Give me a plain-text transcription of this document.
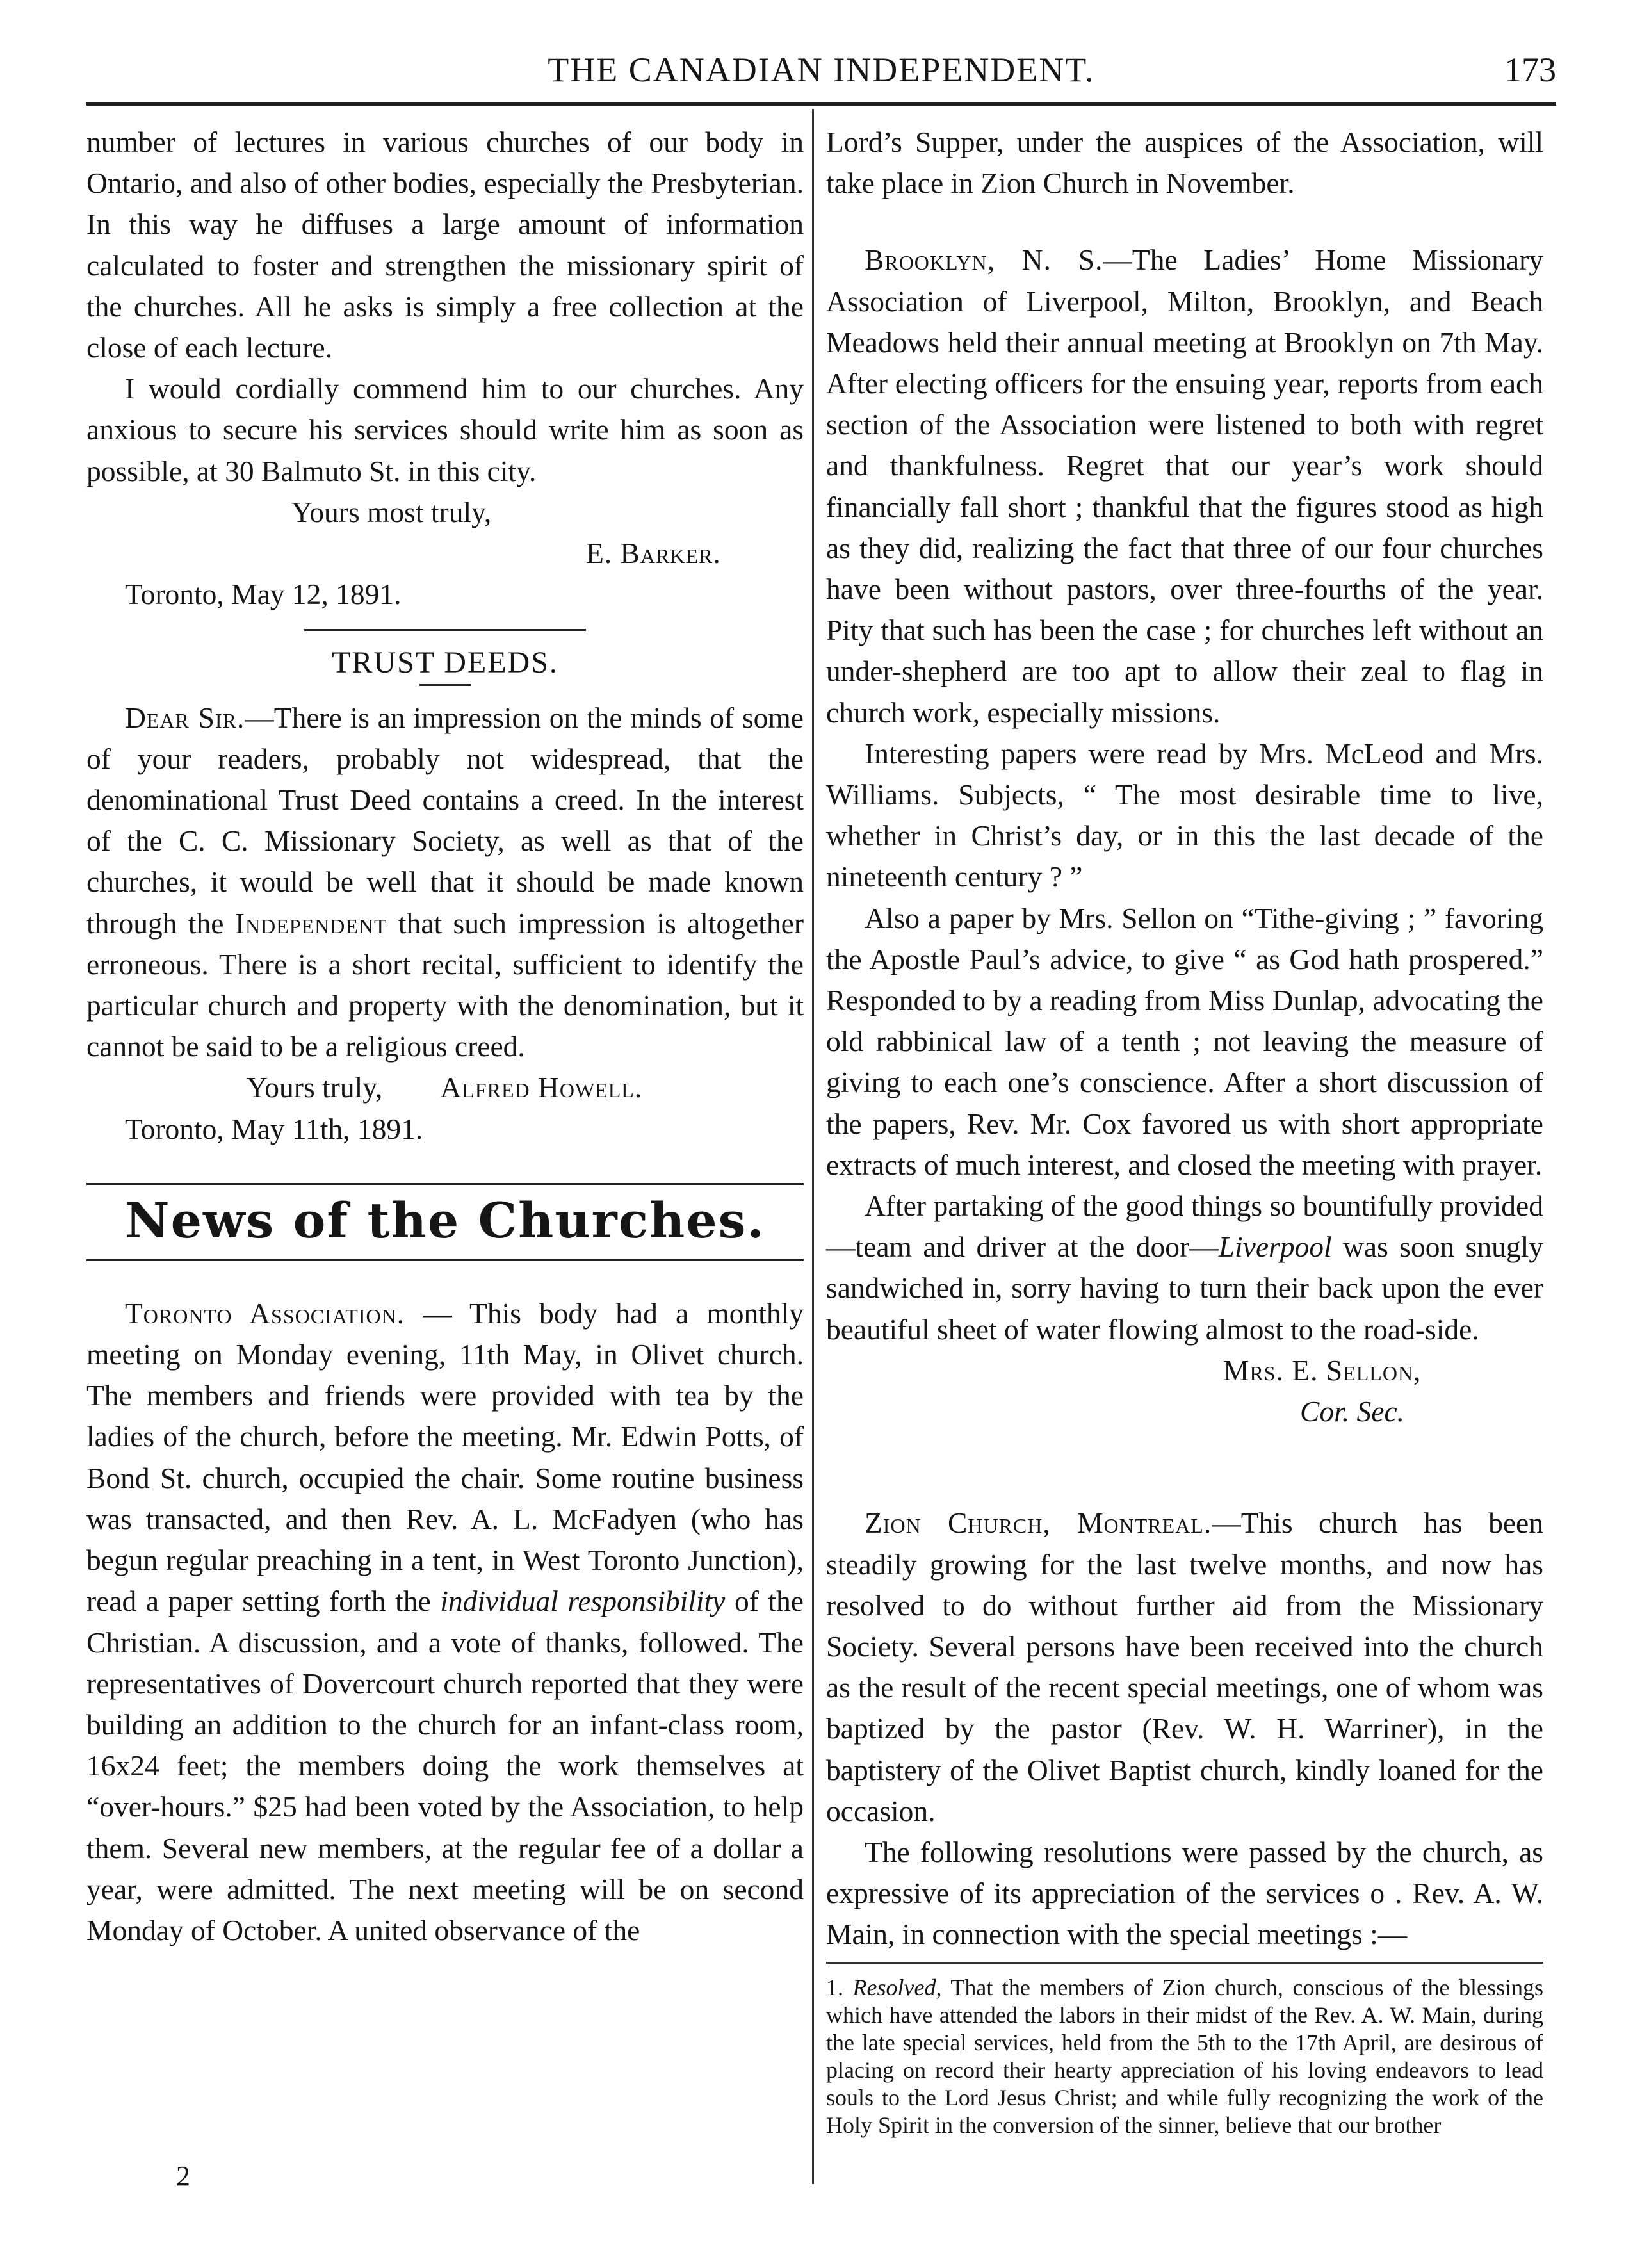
THE CANADIAN INDEPENDENT.	173

number of lectures in various churches of our body in Ontario, and also of other bodies, especially the Presbyterian. In this way he diffuses a large amount of information calculated to foster and strengthen the missionary spirit of the churches. All he asks is simply a free collection at the close of each lecture.

I would cordially commend him to our churches. Any anxious to secure his services should write him as soon as possible, at 30 Balmuto St. in this city.

Yours most truly,

E. Barker.

Toronto, May 12, 1891.

TRUST DEEDS.

Dear Sir.—There is an impression on the minds of some of your readers, probably not widespread, that the denominational Trust Deed contains a creed. In the interest of the C. C. Missionary Society, as well as that of the churches, it would be well that it should be made known through the Independent that such impression is altogether erroneous. There is a short recital, sufficient to identify the particular church and property with the denomination, but it cannot be said to be a religious creed.

Yours truly, Alfred Howell.

Toronto, May 11th, 1891.

News of the Churches.

Toronto Association. — This body had a monthly meeting on Monday evening, 11th May, in Olivet church. The members and friends were provided with tea by the ladies of the church, before the meeting. Mr. Edwin Potts, of Bond St. church, occupied the chair. Some routine business was transacted, and then Rev. A. L. McFadyen (who has begun regular preaching in a tent, in West Toronto Junction), read a paper setting forth the individual responsibility of the Christian. A discussion, and a vote of thanks, followed. The representatives of Dovercourt church reported that they were building an addition to the church for an infant-class room, 16x24 feet; the members doing the work themselves at “over-hours.” $25 had been voted by the Association, to help them. Several new members, at the regular fee of a dollar a year, were admitted. The next meeting will be on second Monday of October. A united observance of the

2

Lord’s Supper, under the auspices of the Association, will take place in Zion Church in November.

Brooklyn, N. S.—The Ladies’ Home Missionary Association of Liverpool, Milton, Brooklyn, and Beach Meadows held their annual meeting at Brooklyn on 7th May. After electing officers for the ensuing year, reports from each section of the Association were listened to both with regret and thankfulness. Regret that our year’s work should financially fall short ; thankful that the figures stood as high as they did, realizing the fact that three of our four churches have been without pastors, over three-fourths of the year. Pity that such has been the case ; for churches left without an under-shepherd are too apt to allow their zeal to flag in church work, especially missions.

Interesting papers were read by Mrs. McLeod and Mrs. Williams. Subjects, “ The most desirable time to live, whether in Christ’s day, or in this the last decade of the nineteenth century ? ”

Also a paper by Mrs. Sellon on “Tithe-giving ; ” favoring the Apostle Paul’s advice, to give “ as God hath prospered.” Responded to by a reading from Miss Dunlap, advocating the old rabbinical law of a tenth ; not leaving the measure of giving to each one’s conscience. After a short discussion of the papers, Rev. Mr. Cox favored us with short appropriate extracts of much interest, and closed the meeting with prayer.

After partaking of the good things so bountifully provided—team and driver at the door—Liverpool was soon snugly sandwiched in, sorry having to turn their back upon the ever beautiful sheet of water flowing almost to the road-side.

Mrs. E. Sellon,

Cor. Sec.

Zion Church, Montreal.—This church has been steadily growing for the last twelve months, and now has resolved to do without further aid from the Missionary Society. Several persons have been received into the church as the result of the recent special meetings, one of whom was baptized by the pastor (Rev. W. H. Warriner), in the baptistery of the Olivet Baptist church, kindly loaned for the occasion.

The following resolutions were passed by the church, as expressive of its appreciation of the services o . Rev. A. W. Main, in connection with the special meetings :—

1. Resolved, That the members of Zion church, conscious of the blessings which have attended the labors in their midst of the Rev. A. W. Main, during the late special services, held from the 5th to the 17th April, are desirous of placing on record their hearty appreciation of his loving endeavors to lead souls to the Lord Jesus Christ; and while fully recognizing the work of the Holy Spirit in the conversion of the sinner, believe that our brother
